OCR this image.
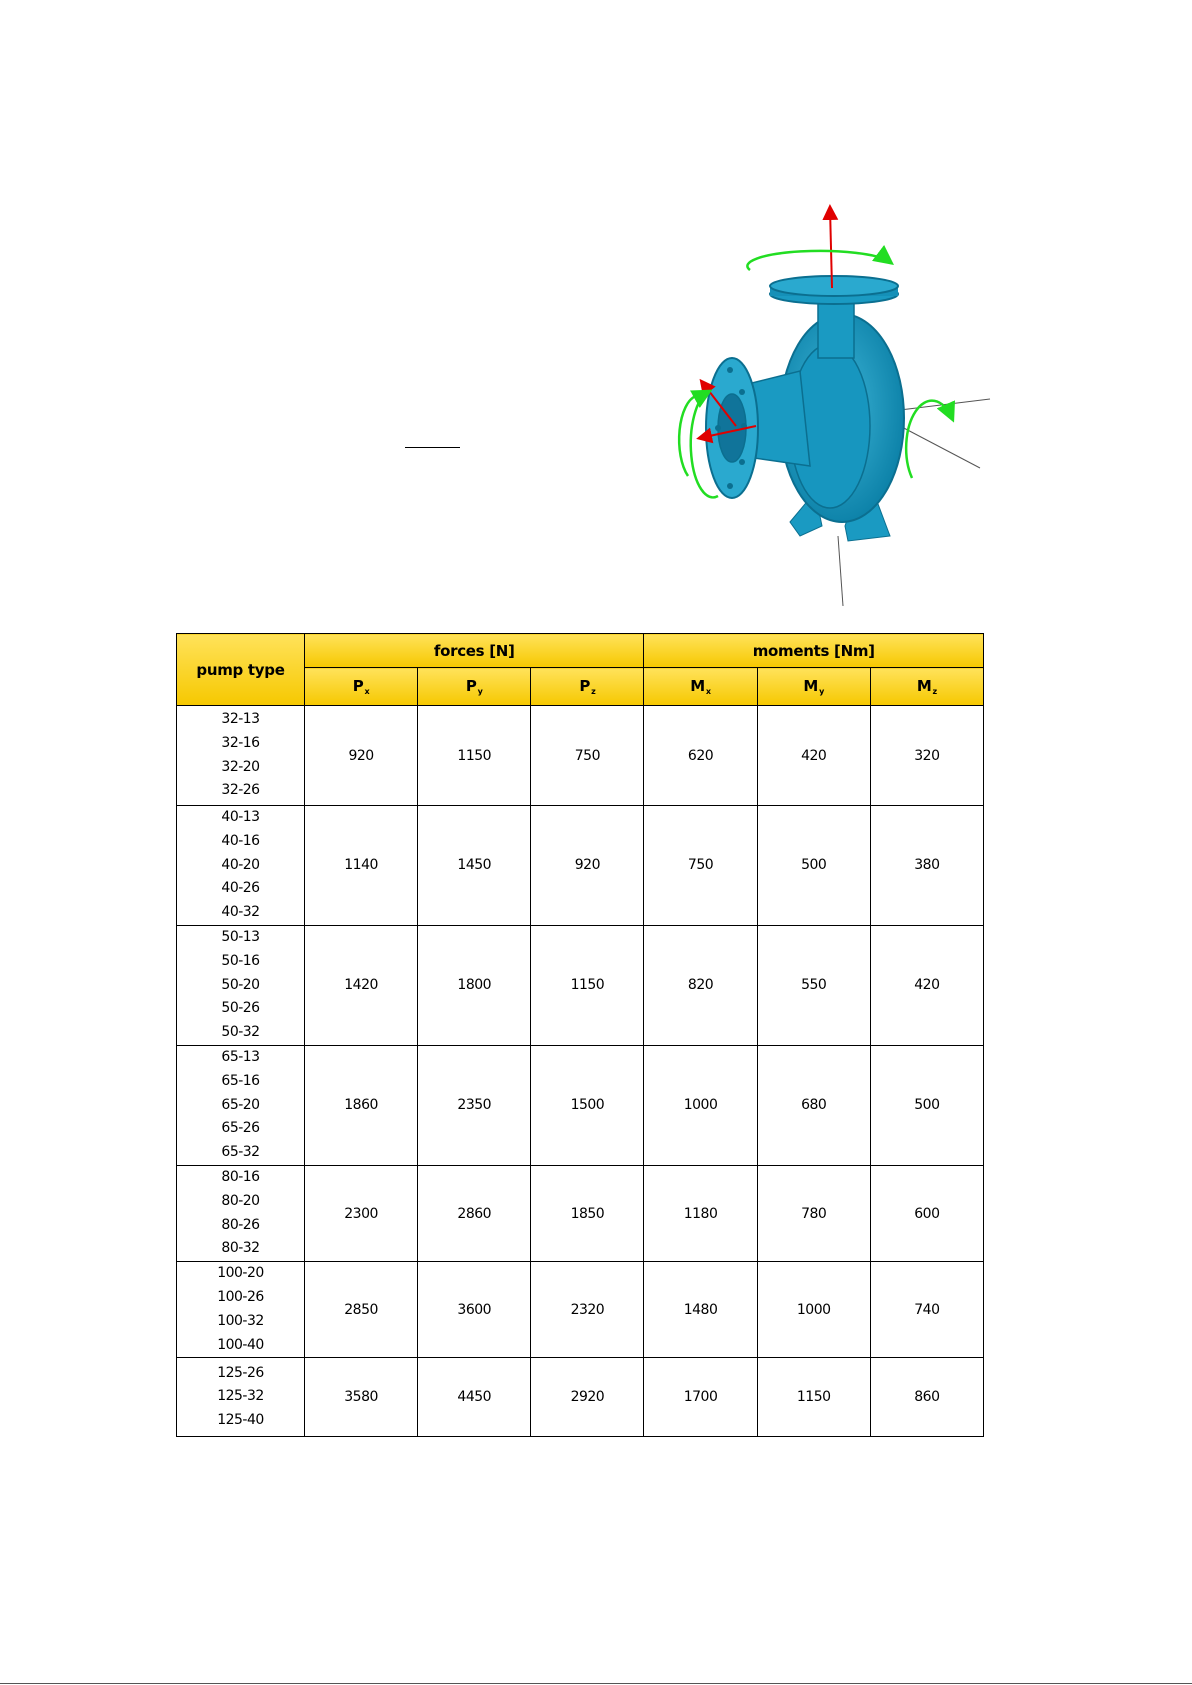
pump type	forces [N]			moments [Nm]		
	$P_x$	$P_y$	$P_z$	$M_x$	$M_y$	$M_z$

32-13
32-16
32-20
32-26	920	1150	750	620	420	320

40-13
40-16
40-20
40-26
40-32	1140	1450	920	750	500	380

50-13
50-16
50-20
50-26
50-32	1420	1800	1150	820	550	420

65-13
65-16
65-20
65-26
65-32	1860	2350	1500	1000	680	500

80-16
80-20
80-26
80-32	2300	2860	1850	1180	780	600

100-20
100-26
100-32
100-40	2850	3600	2320	1480	1000	740

125-26
125-32
125-40	3580	4450	2920	1700	1150	860
